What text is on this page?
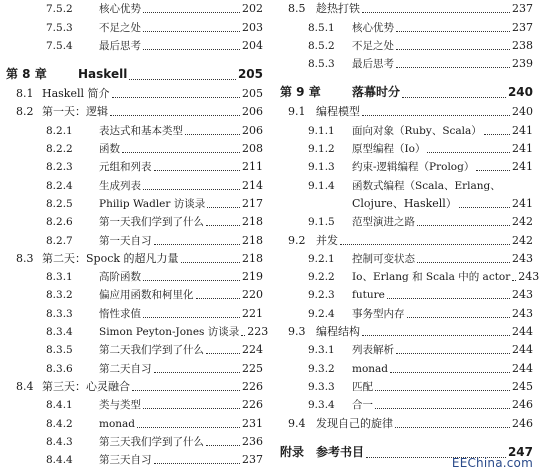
7.5.2	核心优势	202
7.5.3	不足之处	203
7.5.4	最后思考	204
第 8 章	Haskell	205
8.1 Haskell 简介	205
8.2 第一天：逻辑	206
8.2.1	表达式和基本类型	206
8.2.2	函数	208
8.2.3	元组和列表	211
8.2.4	生成列表	214
8.2.5	Philip Wadler 访谈录	217
8.2.6	第一天我们学到了什么	218
8.2.7	第一天自习	218
8.3 第二天：Spock 的超凡力量	218
8.3.1	高阶函数	219
8.3.2	偏应用函数和柯里化	220
8.3.3	惰性求值	221
8.3.4	Simon Peyton-Jones 访谈录 223
8.3.5	第二天我们学到了什么	224
8.3.6	第二天自习	225
8.4 第三天：心灵融合	226
8.4.1	类与类型	226
8.4.2	monad	231
8.4.3	第三天我们学到了什么	236
8.4.4	第三天自习	237
8.5 趁热打铁	237
8.5.1	核心优势	237
8.5.2	不足之处	238
8.5.3	最后思考	239
第 9 章	落幕时分	240
9.1 编程模型	240
9.1.1	面向对象（Ruby、Scala）	241
9.1.2	原型编程（Io）	241
9.1.3	约束-逻辑编程（Prolog）	241
9.1.4	函数式编程（Scala、Erlang、
Clojure、Haskell）	241
9.1.5	范型演进之路	242
9.2 并发	242
9.2.1	控制可变状态	243
9.2.2	Io、Erlang 和 Scala 中的 actor 243
9.2.3	future	243
9.2.4	事务型内存	243
9.3 编程结构	244
9.3.1	列表解析	244
9.3.2	monad	244
9.3.3	匹配	245
9.3.4	合一	246
9.4 发现自己的旋律	246
附录 参考书目	247
EEChina.com
